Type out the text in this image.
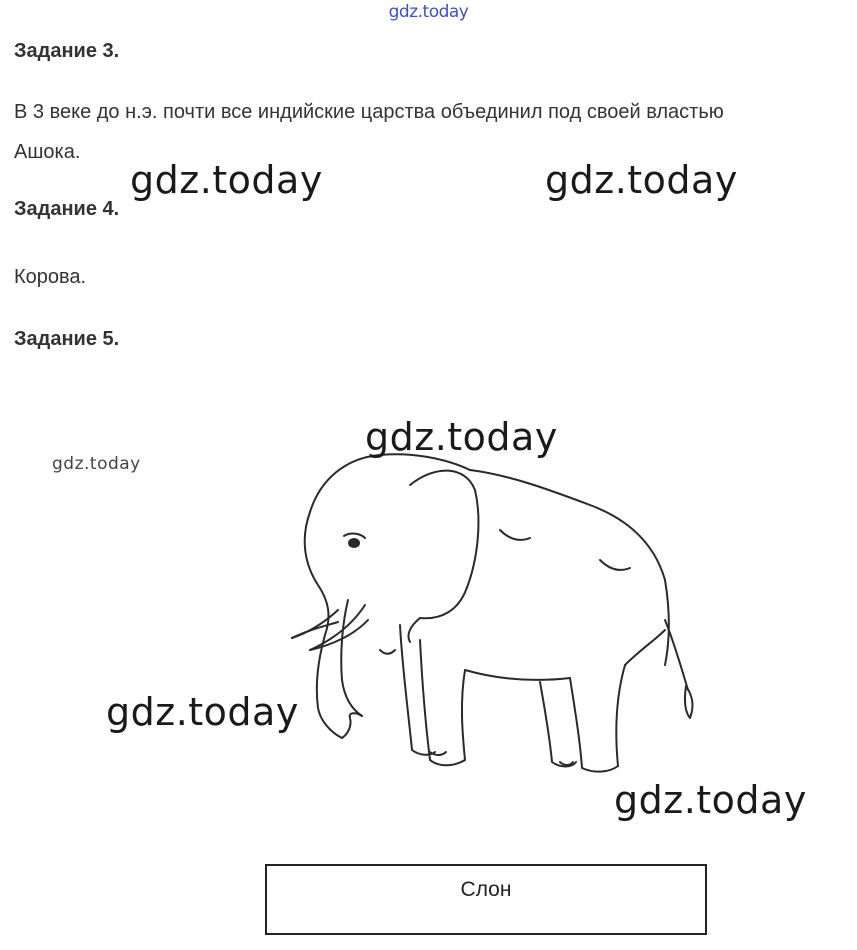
gdz.today
Задание 3.
В 3 веке до н.э. почти все индийские царства объединил под своей властью
Ашока.
Задание 4.
Корова.
Задание 5.
gdz.today	gdz.today
gdz.today
gdz.today
gdz.today
gdz.today
Слон
